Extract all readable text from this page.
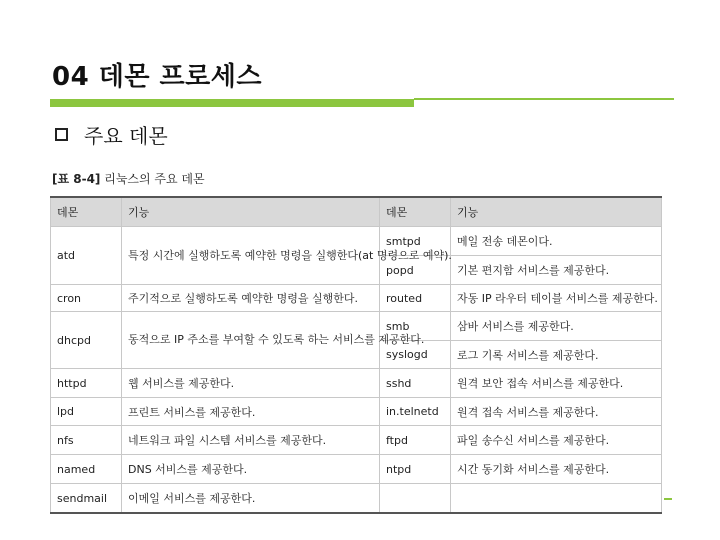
04 데몬 프로세스
주요 데몬
[표 8-4] 리눅스의 주요 데몬
데몬	기능	데몬	기능
atd	특정 시간에 실행하도록 예약한 명령을 실행한다(at 명령으로 예약).	smtpd	메일 전송 데몬이다.
		popd	기본 편지함 서비스를 제공한다.
cron	주기적으로 실행하도록 예약한 명령을 실행한다.	routed	자동 IP 라우터 테이블 서비스를 제공한다.
dhcpd	동적으로 IP 주소를 부여할 수 있도록 하는 서비스를 제공한다.	smb	삼바 서비스를 제공한다.
		syslogd	로그 기록 서비스를 제공한다.
httpd	웹 서비스를 제공한다.	sshd	원격 보안 접속 서비스를 제공한다.
lpd	프린트 서비스를 제공한다.	in.telnetd	원격 접속 서비스를 제공한다.
nfs	네트워크 파일 시스템 서비스를 제공한다.	ftpd	파일 송수신 서비스를 제공한다.
named	DNS 서비스를 제공한다.	ntpd	시간 동기화 서비스를 제공한다.
sendmail	이메일 서비스를 제공한다.		
